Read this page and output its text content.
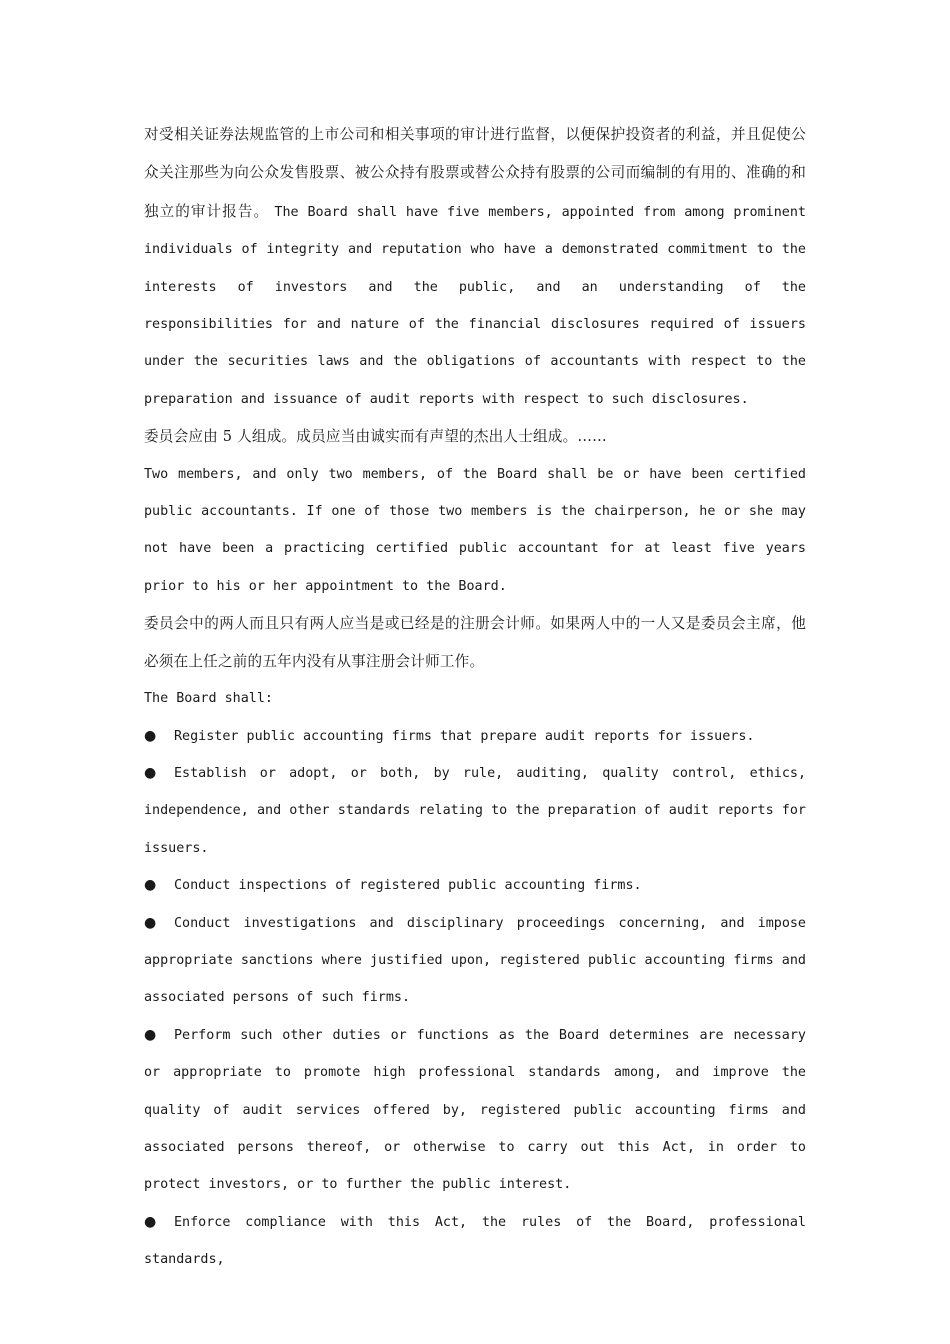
对受相关证券法规监管的上市公司和相关事项的审计进行监督，以便保护投资者的利益，并且促使公众关注那些为向公众发售股票、被公众持有股票或替公众持有股票的公司而编制的有用的、准确的和独立的审计报告。 The Board shall have five members, appointed from among prominent individuals of integrity and reputation who have a demonstrated commitment to the interests of investors and the public, and an understanding of the responsibilities for and nature of the financial disclosures required of issuers under the securities laws and the obligations of accountants with respect to the preparation and issuance of audit reports with respect to such disclosures.

委员会应由 5 人组成。成员应当由诚实而有声望的杰出人士组成。……

Two members, and only two members, of the Board shall be or have been certified public accountants. If one of those two members is the chairperson, he or she may not have been a practicing certified public accountant for at least five years prior to his or her appointment to the Board.

委员会中的两人而且只有两人应当是或已经是的注册会计师。如果两人中的一人又是委员会主席，他必须在上任之前的五年内没有从事注册会计师工作。

The Board shall:

● Register public accounting firms that prepare audit reports for issuers.

● Establish or adopt, or both, by rule, auditing, quality control, ethics, independence, and other standards relating to the preparation of audit reports for issuers.

● Conduct inspections of registered public accounting firms.

● Conduct investigations and disciplinary proceedings concerning, and impose appropriate sanctions where justified upon, registered public accounting firms and associated persons of such firms.

● Perform such other duties or functions as the Board determines are necessary or appropriate to promote high professional standards among, and improve the quality of audit services offered by, registered public accounting firms and associated persons thereof, or otherwise to carry out this Act, in order to protect investors, or to further the public interest.

● Enforce compliance with this Act, the rules of the Board, professional standards,
